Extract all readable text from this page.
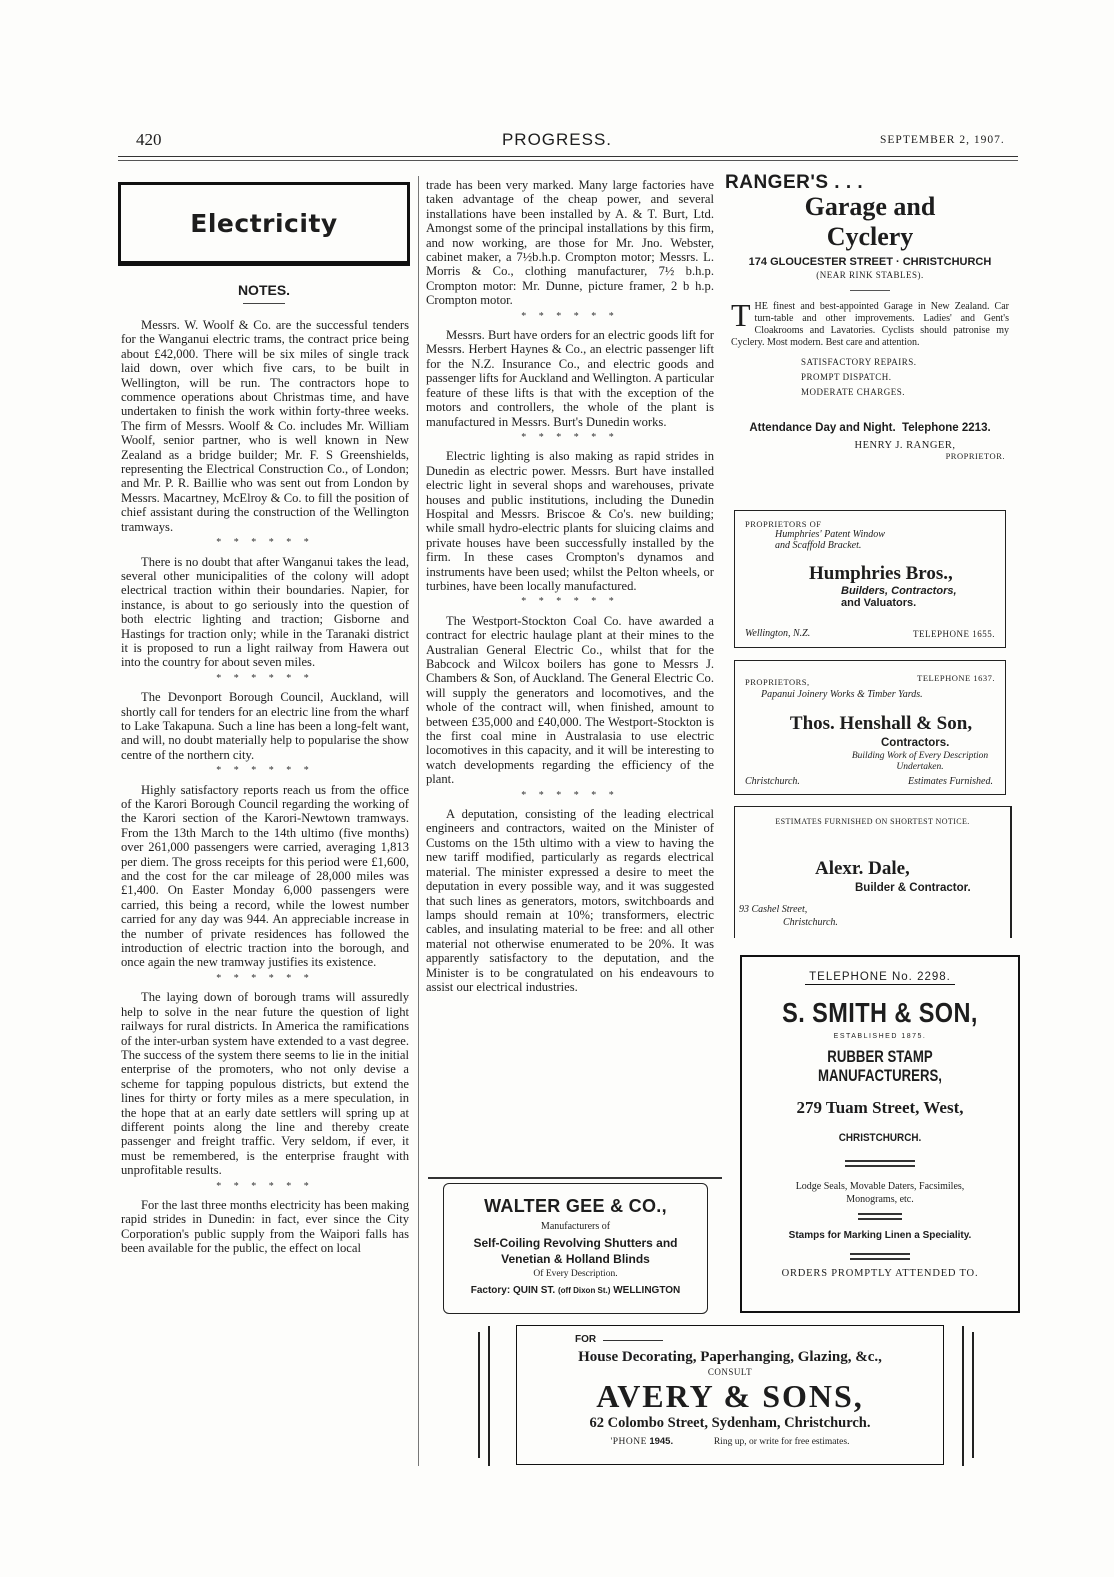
420	PROGRESS.	SEPTEMBER 2, 1907.
Electricity
NOTES.

Messrs. W. Woolf & Co. are the successful tenders for the Wanganui electric trams, the contract price being about £42,000. There will be six miles of single track laid down, over which five cars, to be built in Wellington, will be run. The contractors hope to commence operations about Christmas time, and have undertaken to finish the work within forty-three weeks. The firm of Messrs. Woolf & Co. includes Mr. William Woolf, senior partner, who is well known in New Zealand as a bridge builder; Mr. F. S Greenshields, representing the Electrical Construction Co., of London; and Mr. P. R. Baillie who was sent out from London by Messrs. Macartney, McElroy & Co. to fill the position of chief assistant during the construction of the Wellington tramways.

* * * * * *

There is no doubt that after Wanganui takes the lead, several other municipalities of the colony will adopt electrical traction within their boundaries. Napier, for instance, is about to go seriously into the question of both electric lighting and traction; Gisborne and Hastings for traction only; while in the Taranaki district it is proposed to run a light railway from Hawera out into the country for about seven miles.

* * * * * *

The Devonport Borough Council, Auckland, will shortly call for tenders for an electric line from the wharf to Lake Takapuna. Such a line has been a long-felt want, and will, no doubt materially help to popularise the show centre of the northern city.

* * * * * *

Highly satisfactory reports reach us from the office of the Karori Borough Council regarding the working of the Karori section of the Karori-Newtown tramways. From the 13th March to the 14th ultimo (five months) over 261,000 passengers were carried, averaging 1,813 per diem. The gross receipts for this period were £1,600, and the cost for the car mileage of 28,000 miles was £1,400. On Easter Monday 6,000 passengers were carried, this being a record, while the lowest number carried for any day was 944. An appreciable increase in the number of private residences has followed the introduction of electric traction into the borough, and once again the new tramway justifies its existence.

* * * * * *

The laying down of borough trams will assuredly help to solve in the near future the question of light railways for rural districts. In America the ramifications of the inter-urban system have extended to a vast degree. The success of the system there seems to lie in the initial enterprise of the promoters, who not only devise a scheme for tapping populous districts, but extend the lines for thirty or forty miles as a mere speculation, in the hope that at an early date settlers will spring up at different points along the line and thereby create passenger and freight traffic. Very seldom, if ever, it must be remembered, is the enterprise fraught with unprofitable results.

* * * * * *

For the last three months electricity has been making rapid strides in Dunedin: in fact, ever since the City Corporation's public supply from the Waipori falls has been available for the public, the effect on local

trade has been very marked. Many large factories have taken advantage of the cheap power, and several installations have been installed by A. & T. Burt, Ltd. Amongst some of the principal installations by this firm, and now working, are those for Mr. Jno. Webster, cabinet maker, a 7½b.h.p. Crompton motor; Messrs. L. Morris & Co., clothing manufacturer, 7½ b.h.p. Crompton motor: Mr. Dunne, picture framer, 2 b h.p. Crompton motor.

* * * * * *

Messrs. Burt have orders for an electric goods lift for Messrs. Herbert Haynes & Co., an electric passenger lift for the N.Z. Insurance Co., and electric goods and passenger lifts for Auckland and Wellington. A particular feature of these lifts is that with the exception of the motors and controllers, the whole of the plant is manufactured in Messrs. Burt's Dunedin works.

* * * * * *

Electric lighting is also making as rapid strides in Dunedin as electric power. Messrs. Burt have installed electric light in several shops and warehouses, private houses and public institutions, including the Dunedin Hospital and Messrs. Briscoe & Co's. new building; while small hydro-electric plants for sluicing claims and private houses have been successfully installed by the firm. In these cases Crompton's dynamos and instruments have been used; whilst the Pelton wheels, or turbines, have been locally manufactured.

* * * * * *

The Westport-Stockton Coal Co. have awarded a contract for electric haulage plant at their mines to the Australian General Electric Co., whilst that for the Babcock and Wilcox boilers has gone to Messrs J. Chambers & Son, of Auckland. The General Electric Co. will supply the generators and locomotives, and the whole of the contract will, when finished, amount to between £35,000 and £40,000. The Westport-Stockton is the first coal mine in Australasia to use electric locomotives in this capacity, and it will be interesting to watch developments regarding the efficiency of the plant.

* * * * * *

A deputation, consisting of the leading electrical engineers and contractors, waited on the Minister of Customs on the 15th ultimo with a view to having the new tariff modified, particularly as regards electrical material. The minister expressed a desire to meet the deputation in every possible way, and it was suggested that such lines as generators, motors, switchboards and lamps should remain at 10%; transformers, electric cables, and insulating material to be free: and all other material not otherwise enumerated to be 20%. It was apparently satisfactory to the deputation, and the Minister is to be congratulated on his endeavours to assist our electrical industries.

WALTER GEE & CO.,
Manufacturers of
Self-Coiling Revolving Shutters and
Venetian & Holland Blinds
Of Every Description.
Factory: QUIN ST. (off Dixon St.) WELLINGTON
RANGER'S . . .
Garage and
Cyclery
174 GLOUCESTER STREET · CHRISTCHURCH
(NEAR RINK STABLES).
THE finest and best-appointed Garage in New Zealand. Car turn-table and other improvements. Ladies' and Gent's Cloakrooms and Lavatories. Cyclists should patronise my Cyclery. Most modern. Best care and attention.
SATISFACTORY REPAIRS.
PROMPT DISPATCH.
MODERATE CHARGES.
Attendance Day and Night.  Telephone 2213.
HENRY J. RANGER,
PROPRIETOR.
PROPRIETORS OF
Humphries' Patent Window
and Scaffold Bracket.
Humphries Bros.,
Builders, Contractors,
and Valuators.
Wellington, N.Z.	TELEPHONE 1655.
PROPRIETORS,	TELEPHONE 1637.
Papanui Joinery Works & Timber Yards.
Thos. Henshall & Son,
Contractors.
Building Work of Every Description
Undertaken.
Christchurch.	Estimates Furnished.
ESTIMATES FURNISHED ON SHORTEST NOTICE.
Alexr. Dale,
Builder & Contractor.
93 Cashel Street,
Christchurch.
TELEPHONE No. 2298.
S. SMITH & SON,
ESTABLISHED 1875.
RUBBER STAMP MANUFACTURERS,
279 Tuam Street, West,
CHRISTCHURCH.
Lodge Seals, Movable Daters, Facsimiles,
Monograms, etc.
Stamps for Marking Linen a Speciality.
ORDERS PROMPTLY ATTENDED TO.
FOR
House Decorating, Paperhanging, Glazing, &c.,
CONSULT
AVERY & SONS,
62 Colombo Street, Sydenham, Christchurch.
'PHONE 1945.	Ring up, or write for free estimates.
